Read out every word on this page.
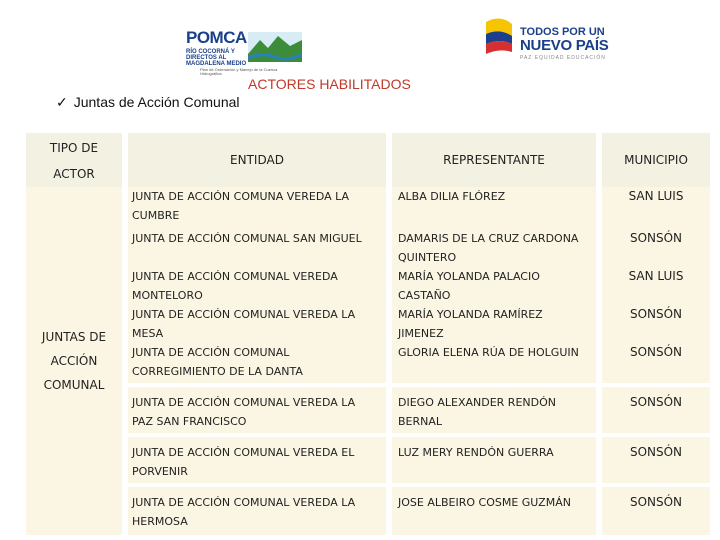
POMCA
RÍO COCORNÁ Y DIRECTOS AL MAGDALENA MEDIO
Plan de Ordenación y Manejo de la Cuenca Hidrográfica
TODOS POR UN
NUEVO PAÍS
PAZ EQUIDAD EDUCACIÓN
ACTORES HABILITADOS
✓ Juntas de Acción Comunal
TIPO DE
ACTOR		ENTIDAD		REPRESENTANTE		MUNICIPIO

JUNTAS DE
ACCIÓN
COMUNAL		JUNTA DE ACCIÓN COMUNA VEREDA LA
CUMBRE		ALBA DILIA FLÓREZ		SAN LUIS

		JUNTA DE ACCIÓN COMUNAL SAN MIGUEL		DAMARIS DE LA CRUZ CARDONA
QUINTERO		SONSÓN

		JUNTA DE ACCIÓN COMUNAL VEREDA
MONTELORO		MARÍA YOLANDA PALACIO
CASTAÑO		SAN LUIS

		JUNTA DE ACCIÓN COMUNAL VEREDA LA
MESA		MARÍA YOLANDA RAMÍREZ
JIMENEZ		SONSÓN

		JUNTA DE ACCIÓN COMUNAL
CORREGIMIENTO DE LA DANTA		GLORIA ELENA RÚA DE HOLGUIN		SONSÓN

		JUNTA DE ACCIÓN COMUNAL VEREDA LA
PAZ SAN FRANCISCO		DIEGO ALEXANDER RENDÓN
BERNAL		SONSÓN

		JUNTA DE ACCIÓN COMUNAL VEREDA EL
PORVENIR		LUZ MERY RENDÓN GUERRA		SONSÓN

		JUNTA DE ACCIÓN COMUNAL VEREDA LA
HERMOSA		JOSE ALBEIRO COSME GUZMÁN		SONSÓN
